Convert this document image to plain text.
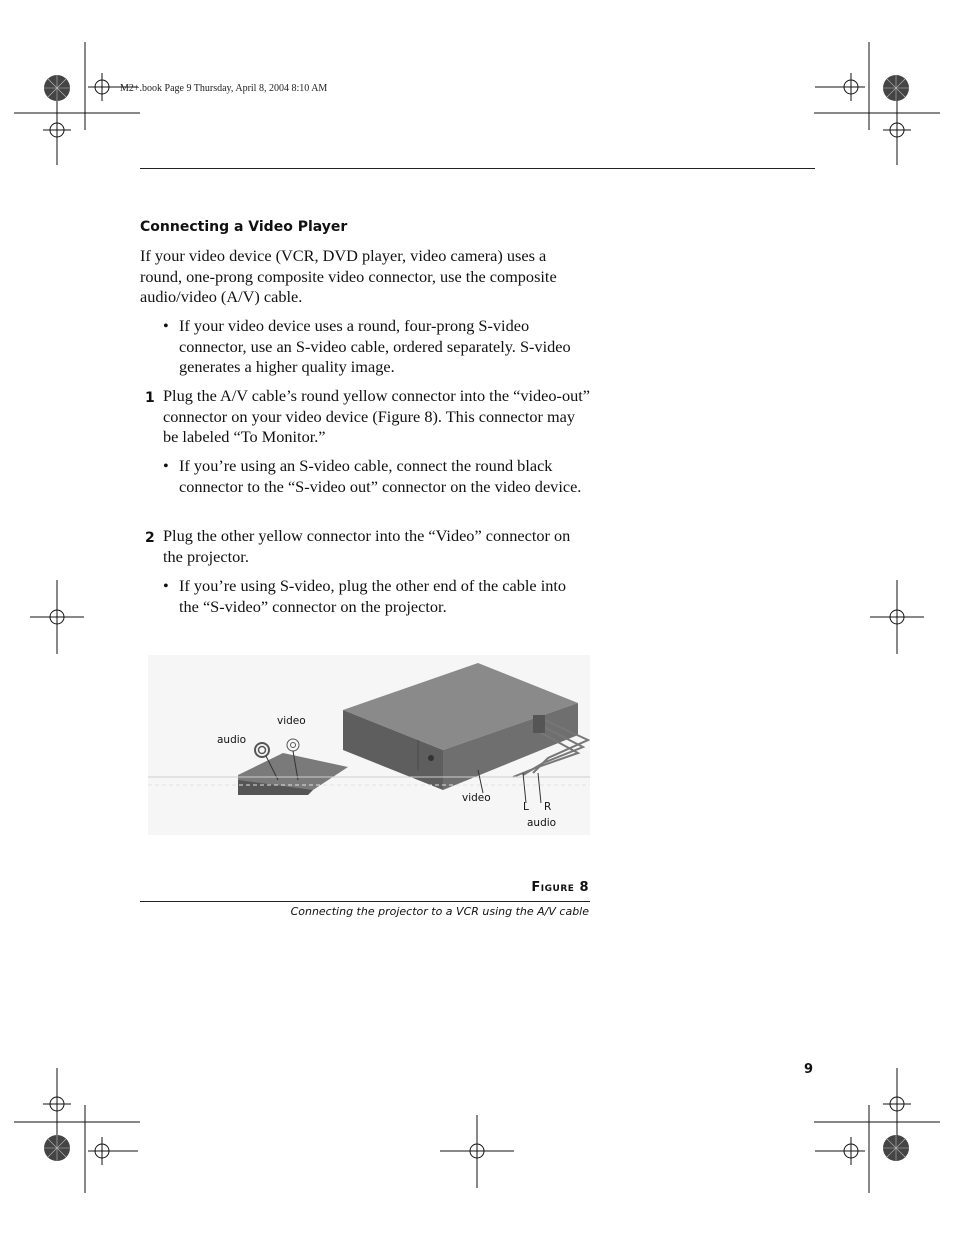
M2+.book Page 9 Thursday, April 8, 2004 8:10 AM
Connecting a Video Player
If your video device (VCR, DVD player, video camera) uses a round, one-prong composite video connector, use the composite audio/video (A/V) cable.
• If your video device uses a round, four-prong S-video connector, use an S-video cable, ordered separately. S-video generates a higher quality image.
1 Plug the A/V cable’s round yellow connector into the “video-out” connector on your video device (Figure 8). This connector may be labeled “To Monitor.”
• If you’re using an S-video cable, connect the round black connector to the “S-video out” connector on the video device.
2 Plug the other yellow connector into the “Video” connector on the projector.
• If you’re using S-video, plug the other end of the cable into the “S-video” connector on the projector.
video
audio
video
L R
audio
Figure 8
Connecting the projector to a VCR using the A/V cable
9
